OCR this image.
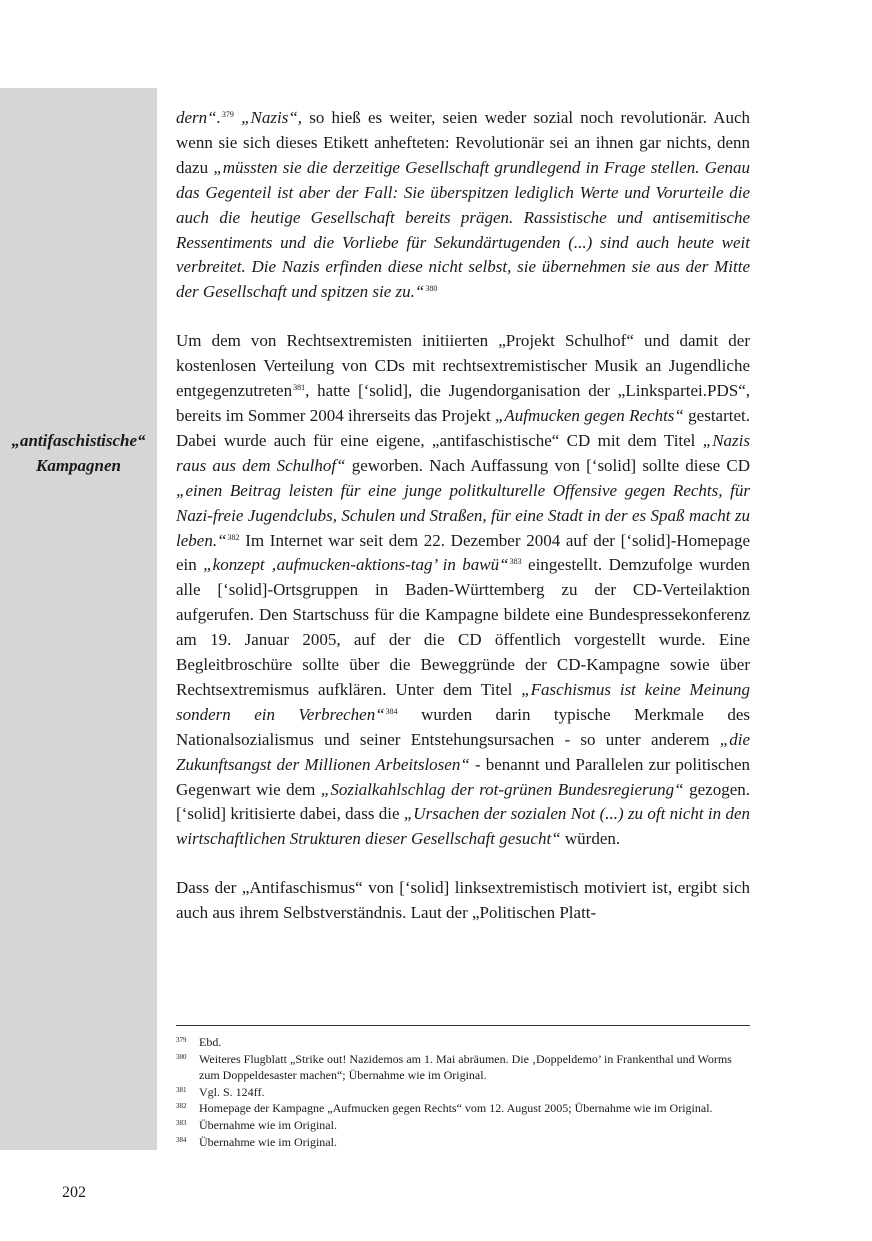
„antifaschistische“
Kampagnen

dern“.$^{379}$ „Nazis“, so hieß es weiter, seien weder sozial noch revolutionär. Auch wenn sie sich dieses Etikett anhefteten: Revolutionär sei an ihnen gar nichts, denn dazu „müssten sie die derzeitige Gesellschaft grundlegend in Frage stellen. Genau das Gegenteil ist aber der Fall: Sie überspitzen lediglich Werte und Vorurteile die auch die heutige Gesellschaft bereits prägen. Rassistische und antisemitische Ressentiments und die Vorliebe für Sekundärtugenden (...) sind auch heute weit verbreitet. Die Nazis erfinden diese nicht selbst, sie übernehmen sie aus der Mitte der Gesellschaft und spitzen sie zu.“$^{380}$

Um dem von Rechtsextremisten initiierten „Projekt Schulhof“ und damit der kostenlosen Verteilung von CDs mit rechtsextremistischer Musik an Jugendliche entgegenzutreten$^{381}$, hatte [‘solid], die Jugendorganisation der „Linkspartei.PDS“, bereits im Sommer 2004 ihrerseits das Projekt „Aufmucken gegen Rechts“ gestartet. Dabei wurde auch für eine eigene, „antifaschistische“ CD mit dem Titel „Nazis raus aus dem Schulhof“ geworben. Nach Auffassung von [‘solid] sollte diese CD „einen Beitrag leisten für eine junge politkulturelle Offensive gegen Rechts, für Nazi-freie Jugendclubs, Schulen und Straßen, für eine Stadt in der es Spaß macht zu leben.“$^{382}$ Im Internet war seit dem 22. Dezember 2004 auf der [‘solid]-Homepage ein „konzept ‚aufmucken-aktions-tag’ in bawü“$^{383}$ eingestellt. Demzufolge wurden alle [‘solid]-Ortsgruppen in Baden-Württemberg zu der CD-Verteilaktion aufgerufen. Den Startschuss für die Kampagne bildete eine Bundespressekonferenz am 19. Januar 2005, auf der die CD öffentlich vorgestellt wurde. Eine Begleitbroschüre sollte über die Beweggründe der CD-Kampagne sowie über Rechtsextremismus aufklären. Unter dem Titel „Faschismus ist keine Meinung sondern ein Verbrechen“$^{384}$ wurden darin typische Merkmale des Nationalsozialismus und seiner Entstehungsursachen - so unter anderem „die Zukunftsangst der Millionen Arbeitslosen“ - benannt und Parallelen zur politischen Gegenwart wie dem „Sozialkahlschlag der rot-grünen Bundesregierung“ gezogen. [‘solid] kritisierte dabei, dass die „Ursachen der sozialen Not (...) zu oft nicht in den wirtschaftlichen Strukturen dieser Gesellschaft gesucht“ würden.

Dass der „Antifaschismus“ von [‘solid] linksextremistisch motiviert ist, ergibt sich auch aus ihrem Selbstverständnis. Laut der „Politischen Platt-

379 Ebd.
380 Weiteres Flugblatt „Strike out! Nazidemos am 1. Mai abräumen. Die ‚Doppeldemo’ in Frankenthal und Worms zum Doppeldesaster machen“; Übernahme wie im Original.
381 Vgl. S. 124ff.
382 Homepage der Kampagne „Aufmucken gegen Rechts“ vom 12. August 2005; Übernahme wie im Original.
383 Übernahme wie im Original.
384 Übernahme wie im Original.
202
